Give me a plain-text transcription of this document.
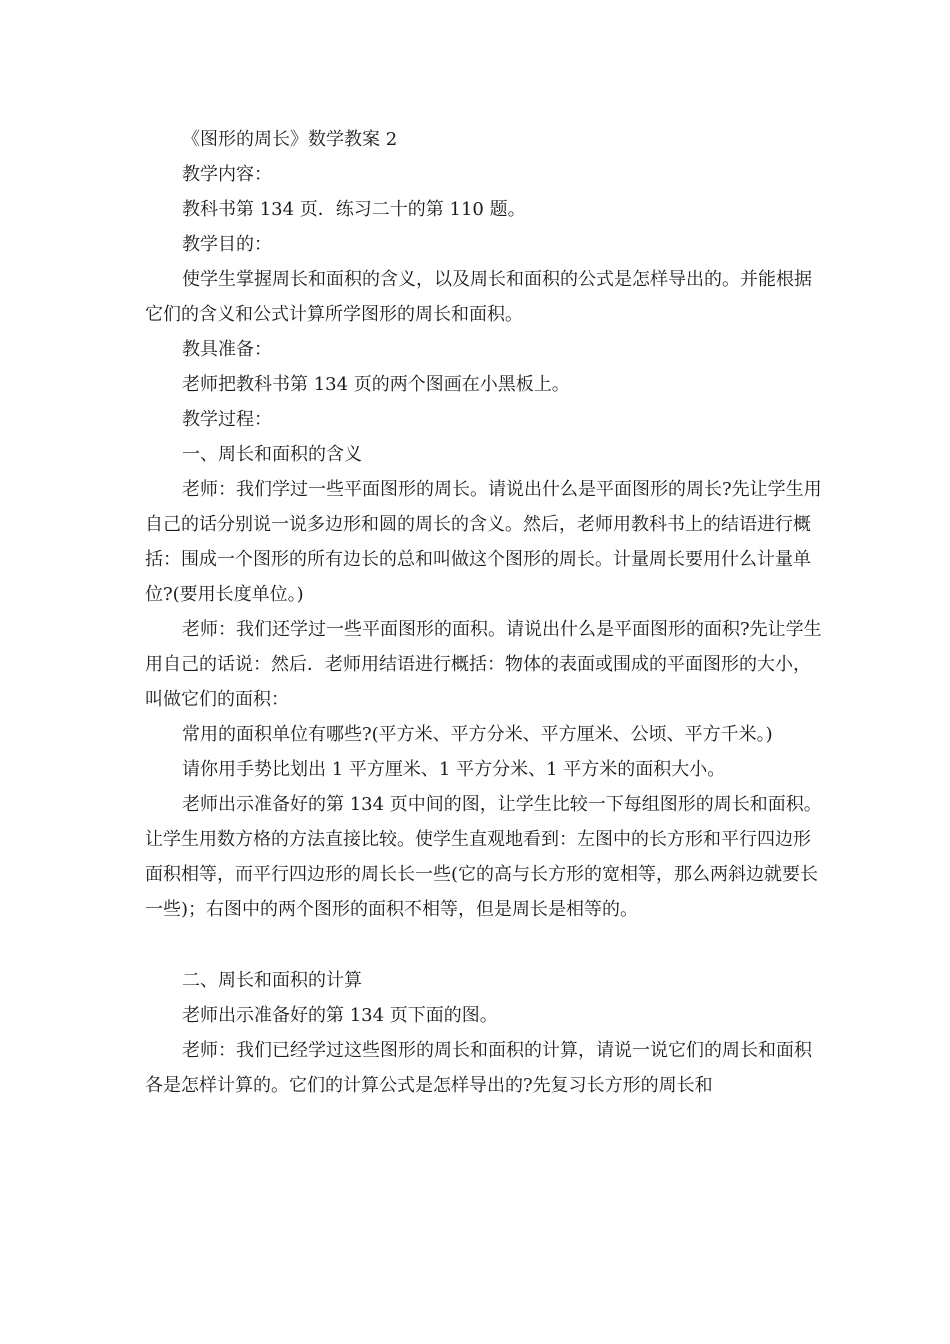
《图形的周长》数学教案 2

教学内容：

教科书第 134 页．练习二十的第 110 题。

教学目的：

使学生掌握周长和面积的含义，以及周长和面积的公式是怎样导出的。并能根据它们的含义和公式计算所学图形的周长和面积。

教具准备：

老师把教科书第 134 页的两个图画在小黑板上。

教学过程：

一、周长和面积的含义

老师：我们学过一些平面图形的周长。请说出什么是平面图形的周长?先让学生用自己的话分别说一说多边形和圆的周长的含义。然后，老师用教科书上的结语进行概括：围成一个图形的所有边长的总和叫做这个图形的周长。计量周长要用什么计量单位?(要用长度单位。)

老师：我们还学过一些平面图形的面积。请说出什么是平面图形的面积?先让学生用自己的话说：然后．老师用结语进行概括：物体的表面或围成的平面图形的大小，叫做它们的面积：

常用的面积单位有哪些?(平方米、平方分米、平方厘米、公顷、平方千米。)

请你用手势比划出 1 平方厘米、1 平方分米、1 平方米的面积大小。

老师出示准备好的第 134 页中间的图，让学生比较一下每组图形的周长和面积。让学生用数方格的方法直接比较。使学生直观地看到：左图中的长方形和平行四边形面积相等，而平行四边形的周长长一些(它的高与长方形的宽相等，那么两斜边就要长一些)；右图中的两个图形的面积不相等，但是周长是相等的。

二、周长和面积的计算

老师出示准备好的第 134 页下面的图。

老师：我们已经学过这些图形的周长和面积的计算，请说一说它们的周长和面积各是怎样计算的。它们的计算公式是怎样导出的?先复习长方形的周长和
